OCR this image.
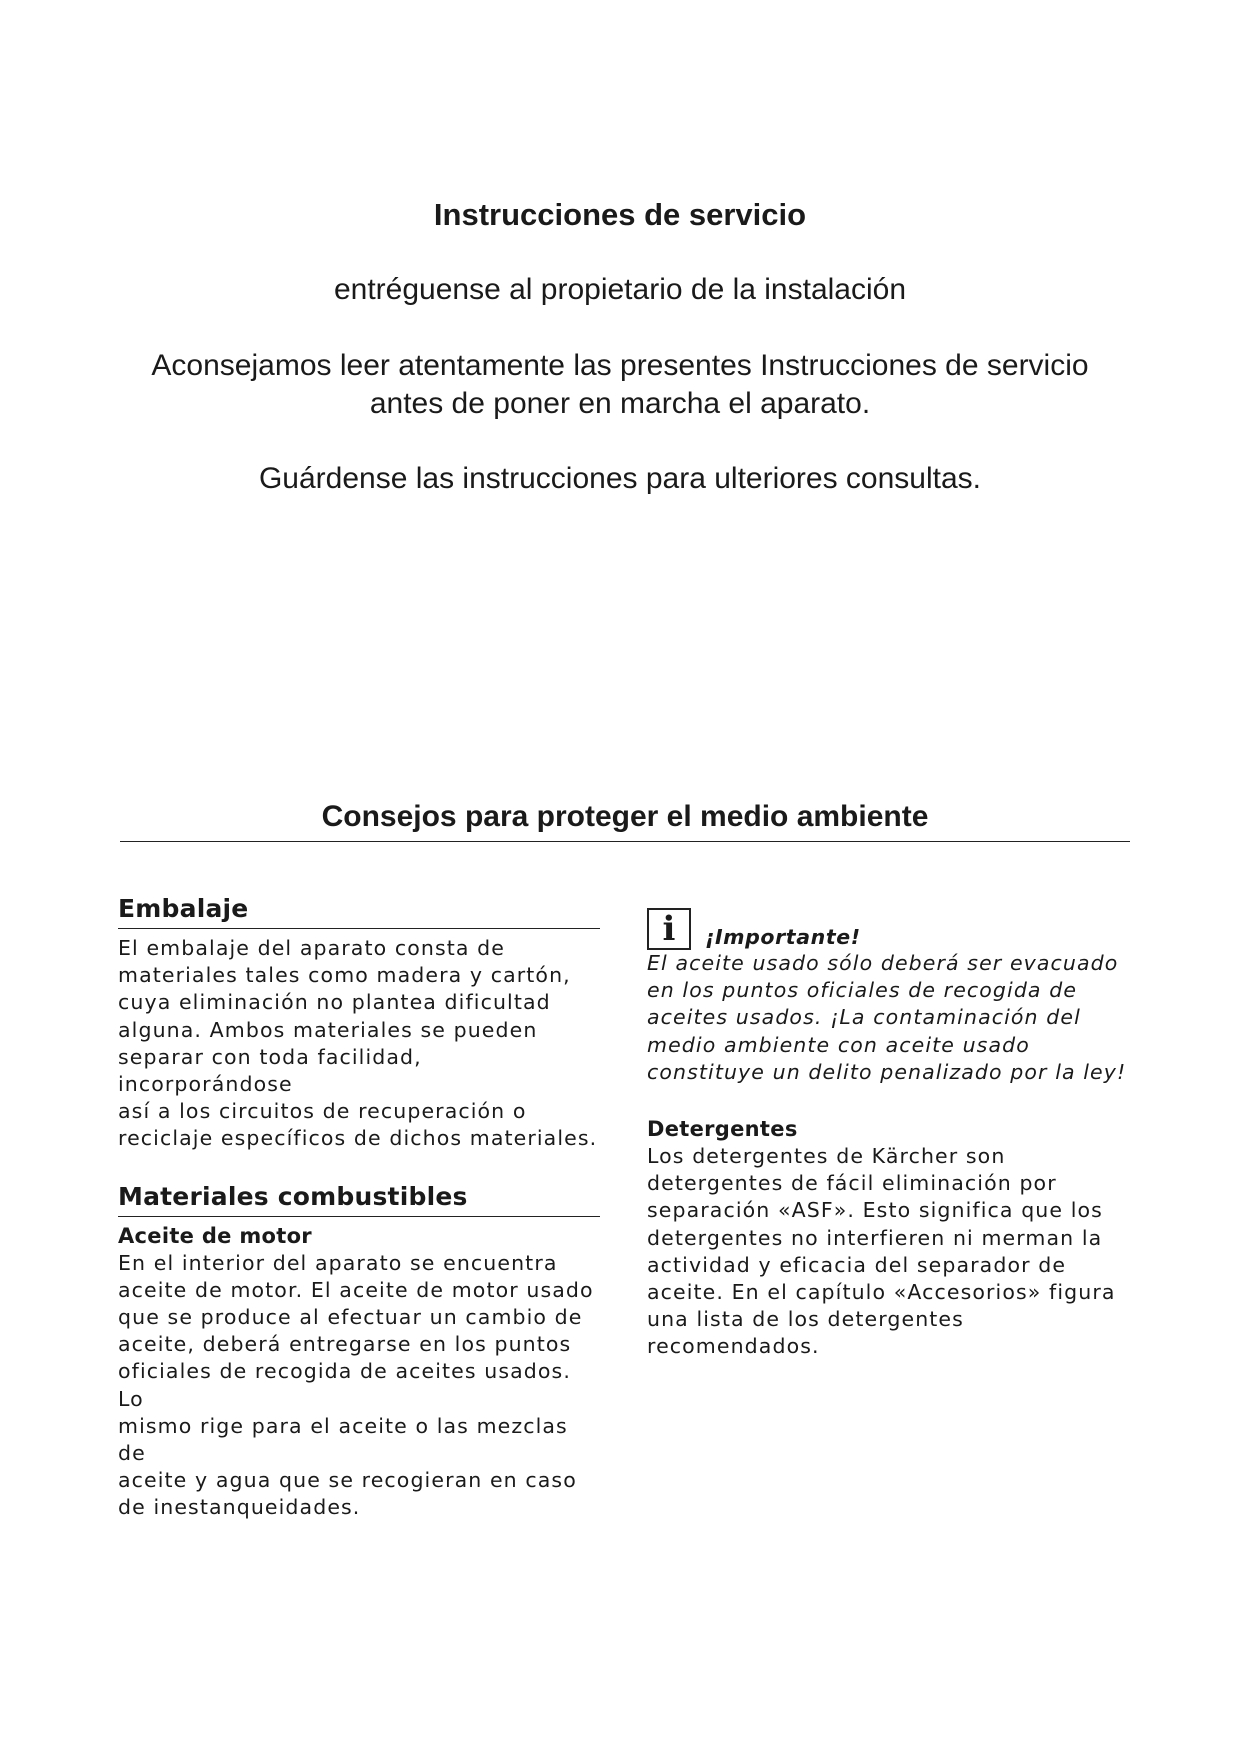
Instrucciones de servicio
entréguense al propietario de la instalación
Aconsejamos leer atentamente las presentes Instrucciones de servicio
antes de poner en marcha el aparato.
Guárdense las instrucciones para ulteriores consultas.
Consejos para proteger el medio ambiente
Embalaje

El embalaje del aparato consta de

materiales tales como madera y cartón,

cuya eliminación no plantea dificultad

alguna. Ambos materiales se pueden

separar con toda facilidad, incorporándose

así a los circuitos de recuperación o

reciclaje específicos de dichos materiales.

Materiales combustibles
Aceite de motor

En el interior del aparato se encuentra

aceite de motor. El aceite de motor usado

que se produce al efectuar un cambio de

aceite, deberá entregarse en los puntos

oficiales de recogida de aceites usados. Lo

mismo rige para el aceite o las mezclas de

aceite y agua que se recogieran en caso

de inestanqueidades.

i	¡Importante!

El aceite usado sólo deberá ser evacuado

en los puntos oficiales de recogida de

aceites usados. ¡La contaminación del

medio ambiente con aceite usado

constituye un delito penalizado por la ley!

Detergentes

Los detergentes de Kärcher son

detergentes de fácil eliminación por

separación «ASF». Esto significa que los

detergentes no interfieren ni merman la

actividad y eficacia del separador de

aceite. En el capítulo «Accesorios» figura

una lista de los detergentes recomendados.
